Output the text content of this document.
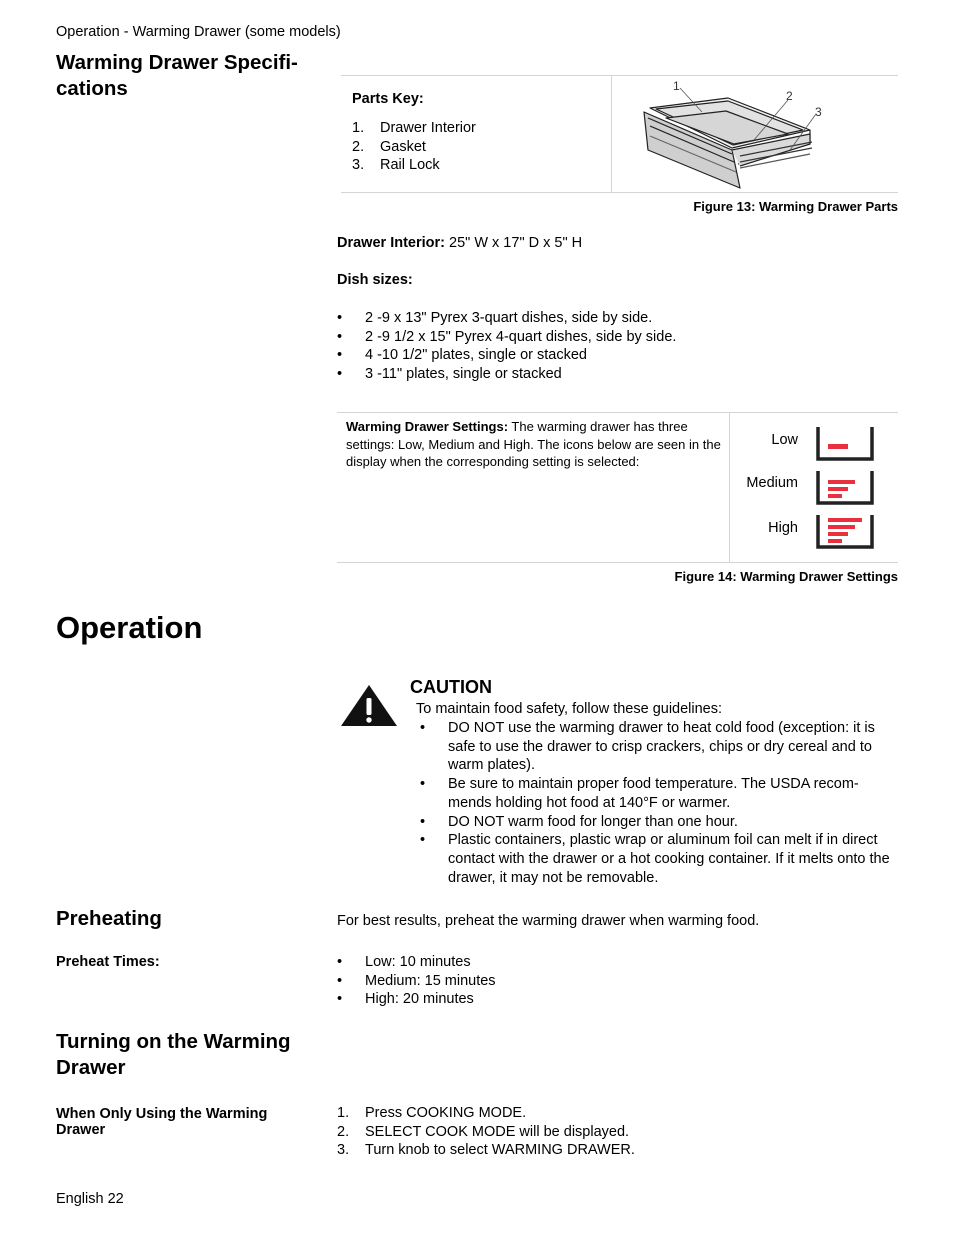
Operation - Warming Drawer (some models)
Warming Drawer Specifi-
cations	Parts Key:
1. Drawer Interior
2. Gasket
3. Rail Lock
1
2
3
Figure 13: Warming Drawer Parts
Drawer Interior: 25" W x 17" D x 5" H
Dish sizes:
• 2 -9 x 13" Pyrex 3-quart dishes, side by side.
• 2 -9 1/2 x 15" Pyrex 4-quart dishes, side by side.
• 4 -10 1/2" plates, single or stacked
• 3 -11" plates, single or stacked
Warming Drawer Settings: The warming drawer has three settings: Low, Medium and High. The icons below are seen in the display when the corresponding setting is selected:
Low
Medium
High
Figure 14: Warming Drawer Settings
Operation
CAUTION
To maintain food safety, follow these guidelines:
• DO NOT use the warming drawer to heat cold food (exception: it is safe to use the drawer to crisp crackers, chips or dry cereal and to warm plates).
• Be sure to maintain proper food temperature. The USDA recom-mends holding hot food at 140°F or warmer.
• DO NOT warm food for longer than one hour.
• Plastic containers, plastic wrap or aluminum foil can melt if in direct contact with the drawer or a hot cooking container. If it melts onto the drawer, it may not be removable.
Preheating	For best results, preheat the warming drawer when warming food.
Preheat Times:
•	Low: 10 minutes
• Medium: 15 minutes
• High: 20 minutes
Turning on the Warming
Drawer
When Only Using the Warming
Drawer
1. Press COOKING MODE.
2. SELECT COOK MODE will be displayed.
3. Turn knob to select WARMING DRAWER.
English 22
